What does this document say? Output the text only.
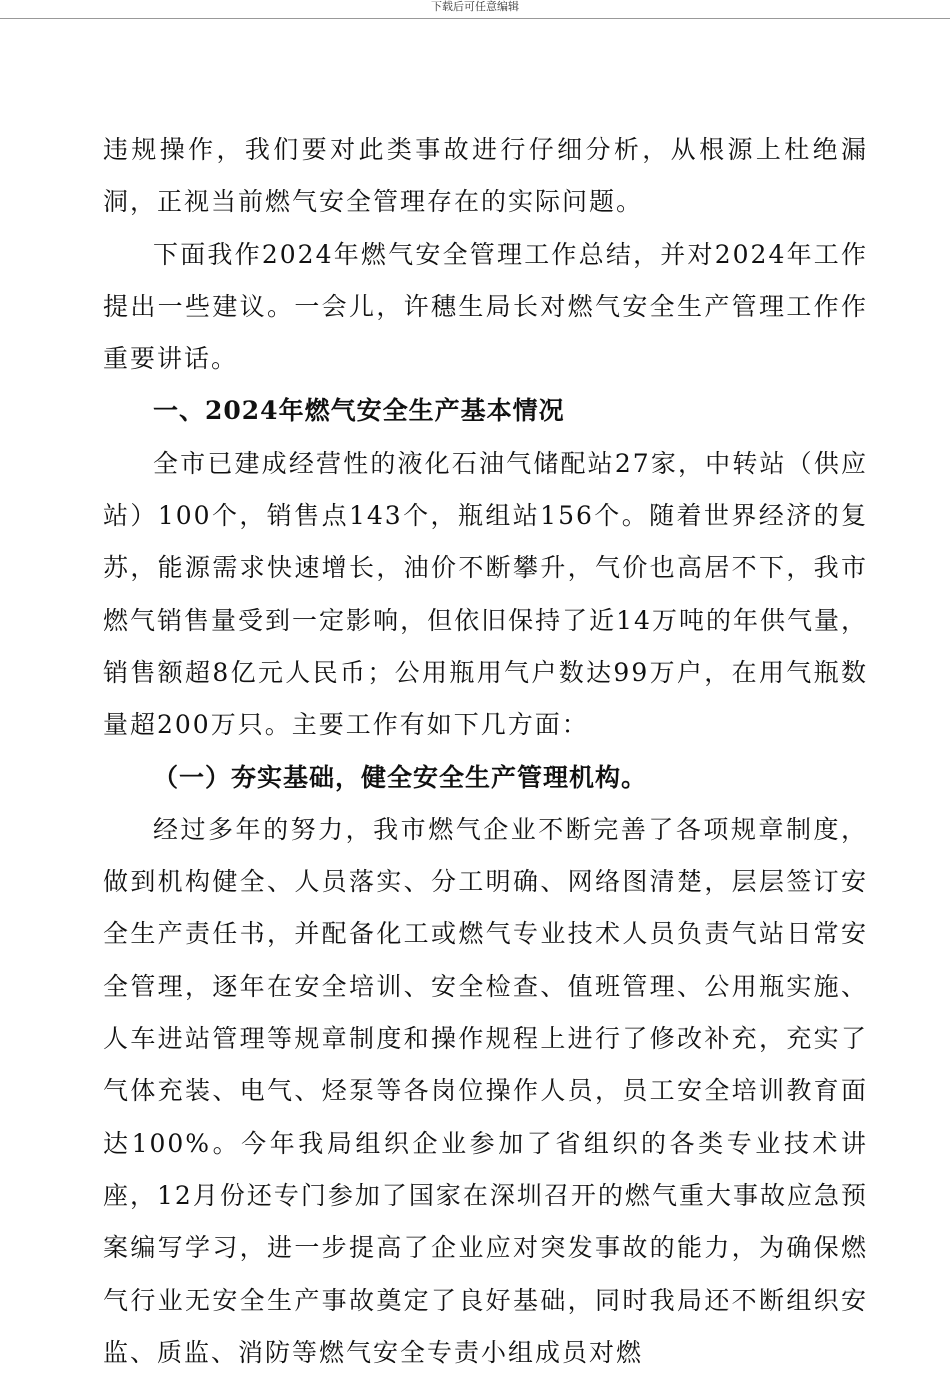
下载后可任意编辑

违规操作，我们要对此类事故进行仔细分析，从根源上杜绝漏洞，正视当前燃气安全管理存在的实际问题。

下面我作2024年燃气安全管理工作总结，并对2024年工作提出一些建议。一会儿，许穗生局长对燃气安全生产管理工作作重要讲话。

一、2024年燃气安全生产基本情况

全市已建成经营性的液化石油气储配站27家，中转站（供应站）100个，销售点143个，瓶组站156个。随着世界经济的复苏，能源需求快速增长，油价不断攀升，气价也高居不下，我市燃气销售量受到一定影响，但依旧保持了近14万吨的年供气量，销售额超8亿元人民币；公用瓶用气户数达99万户，在用气瓶数量超200万只。主要工作有如下几方面：

（一）夯实基础，健全安全生产管理机构。

经过多年的努力，我市燃气企业不断完善了各项规章制度，做到机构健全、人员落实、分工明确、网络图清楚，层层签订安全生产责任书，并配备化工或燃气专业技术人员负责气站日常安全管理，逐年在安全培训、安全检查、值班管理、公用瓶实施、人车进站管理等规章制度和操作规程上进行了修改补充，充实了气体充装、电气、烃泵等各岗位操作人员，员工安全培训教育面达100%。今年我局组织企业参加了省组织的各类专业技术讲座，12月份还专门参加了国家在深圳召开的燃气重大事故应急预案编写学习，进一步提高了企业应对突发事故的能力，为确保燃气行业无安全生产事故奠定了良好基础，同时我局还不断组织安监、质监、消防等燃气安全专责小组成员对燃
